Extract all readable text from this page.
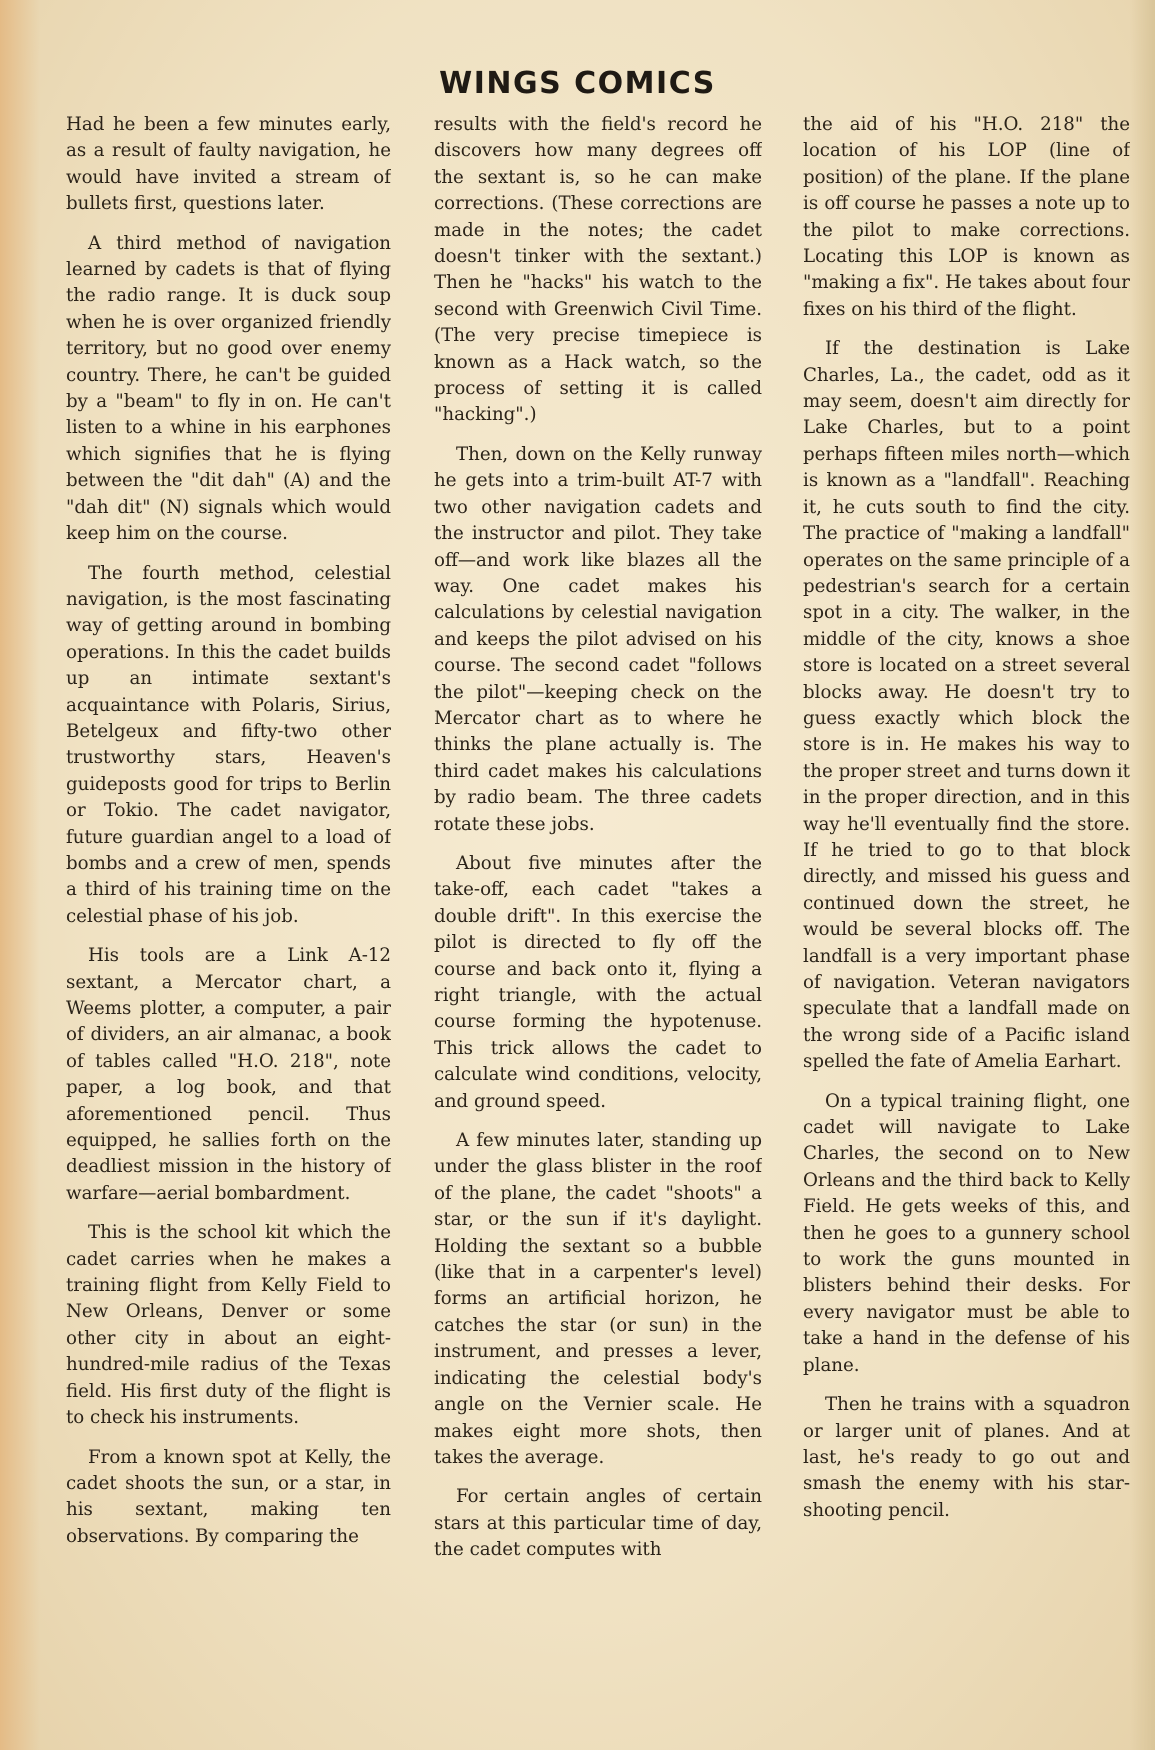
WINGS COMICS

Had he been a few minutes early, as a result of faulty navigation, he would have invited a stream of bullets first, questions later.

A third method of navigation learned by cadets is that of flying the radio range. It is duck soup when he is over organized friendly territory, but no good over enemy country. There, he can't be guided by a "beam" to fly in on. He can't listen to a whine in his earphones which signifies that he is flying between the "dit dah" (A) and the "dah dit" (N) signals which would keep him on the course.

The fourth method, celestial navigation, is the most fascinating way of getting around in bombing operations. In this the cadet builds up an intimate sextant's acquaintance with Polaris, Sirius, Betelgeux and fifty-two other trustworthy stars, Heaven's guideposts good for trips to Berlin or Tokio. The cadet navigator, future guardian angel to a load of bombs and a crew of men, spends a third of his training time on the celestial phase of his job.

His tools are a Link A-12 sextant, a Mercator chart, a Weems plotter, a computer, a pair of dividers, an air almanac, a book of tables called "H.O. 218", note paper, a log book, and that aforementioned pencil. Thus equipped, he sallies forth on the deadliest mission in the history of warfare—aerial bombardment.

This is the school kit which the cadet carries when he makes a training flight from Kelly Field to New Orleans, Denver or some other city in about an eight-hundred-mile radius of the Texas field. His first duty of the flight is to check his instruments.

From a known spot at Kelly, the cadet shoots the sun, or a star, in his sextant, making ten observations. By comparing the

results with the field's record he discovers how many degrees off the sextant is, so he can make corrections. (These corrections are made in the notes; the cadet doesn't tinker with the sextant.) Then he "hacks" his watch to the second with Greenwich Civil Time. (The very precise timepiece is known as a Hack watch, so the process of setting it is called "hacking".)

Then, down on the Kelly runway he gets into a trim-built AT-7 with two other navigation cadets and the instructor and pilot. They take off—and work like blazes all the way. One cadet makes his calculations by celestial navigation and keeps the pilot advised on his course. The second cadet "follows the pilot"—keeping check on the Mercator chart as to where he thinks the plane actually is. The third cadet makes his calculations by radio beam. The three cadets rotate these jobs.

About five minutes after the take-off, each cadet "takes a double drift". In this exercise the pilot is directed to fly off the course and back onto it, flying a right triangle, with the actual course forming the hypotenuse. This trick allows the cadet to calculate wind conditions, velocity, and ground speed.

A few minutes later, standing up under the glass blister in the roof of the plane, the cadet "shoots" a star, or the sun if it's daylight. Holding the sextant so a bubble (like that in a carpenter's level) forms an artificial horizon, he catches the star (or sun) in the instrument, and presses a lever, indicating the celestial body's angle on the Vernier scale. He makes eight more shots, then takes the average.

For certain angles of certain stars at this particular time of day, the cadet computes with

the aid of his "H.O. 218" the location of his LOP (line of position) of the plane. If the plane is off course he passes a note up to the pilot to make corrections. Locating this LOP is known as "making a fix". He takes about four fixes on his third of the flight.

If the destination is Lake Charles, La., the cadet, odd as it may seem, doesn't aim directly for Lake Charles, but to a point perhaps fifteen miles north—which is known as a "landfall". Reaching it, he cuts south to find the city. The practice of "making a landfall" operates on the same principle of a pedestrian's search for a certain spot in a city. The walker, in the middle of the city, knows a shoe store is located on a street several blocks away. He doesn't try to guess exactly which block the store is in. He makes his way to the proper street and turns down it in the proper direction, and in this way he'll eventually find the store. If he tried to go to that block directly, and missed his guess and continued down the street, he would be several blocks off. The landfall is a very important phase of navigation. Veteran navigators speculate that a landfall made on the wrong side of a Pacific island spelled the fate of Amelia Earhart.

On a typical training flight, one cadet will navigate to Lake Charles, the second on to New Orleans and the third back to Kelly Field. He gets weeks of this, and then he goes to a gunnery school to work the guns mounted in blisters behind their desks. For every navigator must be able to take a hand in the defense of his plane.

Then he trains with a squadron or larger unit of planes. And at last, he's ready to go out and smash the enemy with his star-shooting pencil.
